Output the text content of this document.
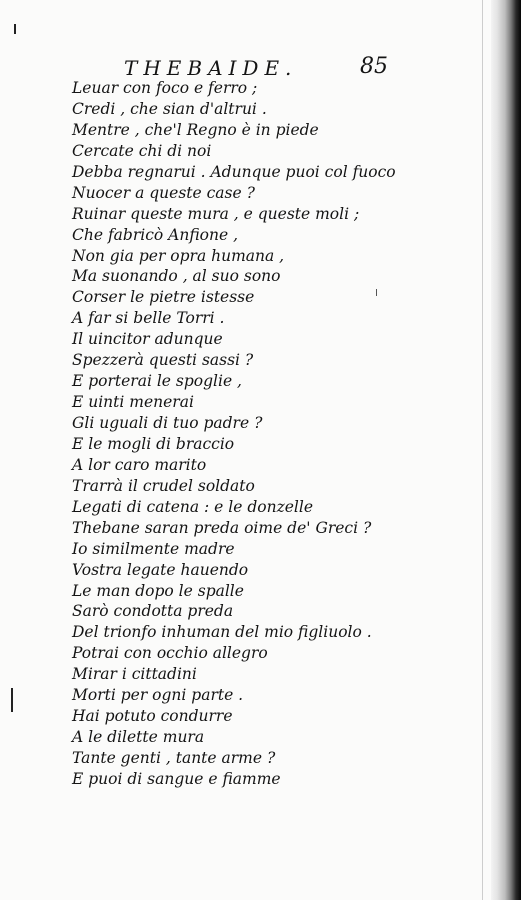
THEBAIDE.	85
Leuar con foco e ferro ;
Credi , che sian d'altrui .
Mentre , che'l Regno è in piede
Cercate chi di noi
Debba regnarui . Adunque puoi col fuoco
Nuocer a queste case ?
Ruinar queste mura , e queste moli ;
Che fabricò Anfione ,
Non gia per opra humana ,
Ma suonando , al suo sono
Corser le pietre istesse
A far si belle Torri .
Il uincitor adunque
Spezzerà questi sassi ?
E porterai le spoglie ,
E uinti menerai
Gli uguali di tuo padre ?
E le mogli di braccio
A lor caro marito
Trarrà il crudel soldato
Legati di catena : e le donzelle
Thebane saran preda oime de' Greci ?
Io similmente madre
Vostra legate hauendo
Le man dopo le spalle
Sarò condotta preda
Del trionfo inhuman del mio figliuolo .
Potrai con occhio allegro
Mirar i cittadini
Morti per ogni parte .
Hai potuto condurre
A le dilette mura
Tante genti , tante arme ?
E puoi di sangue e fiamme
